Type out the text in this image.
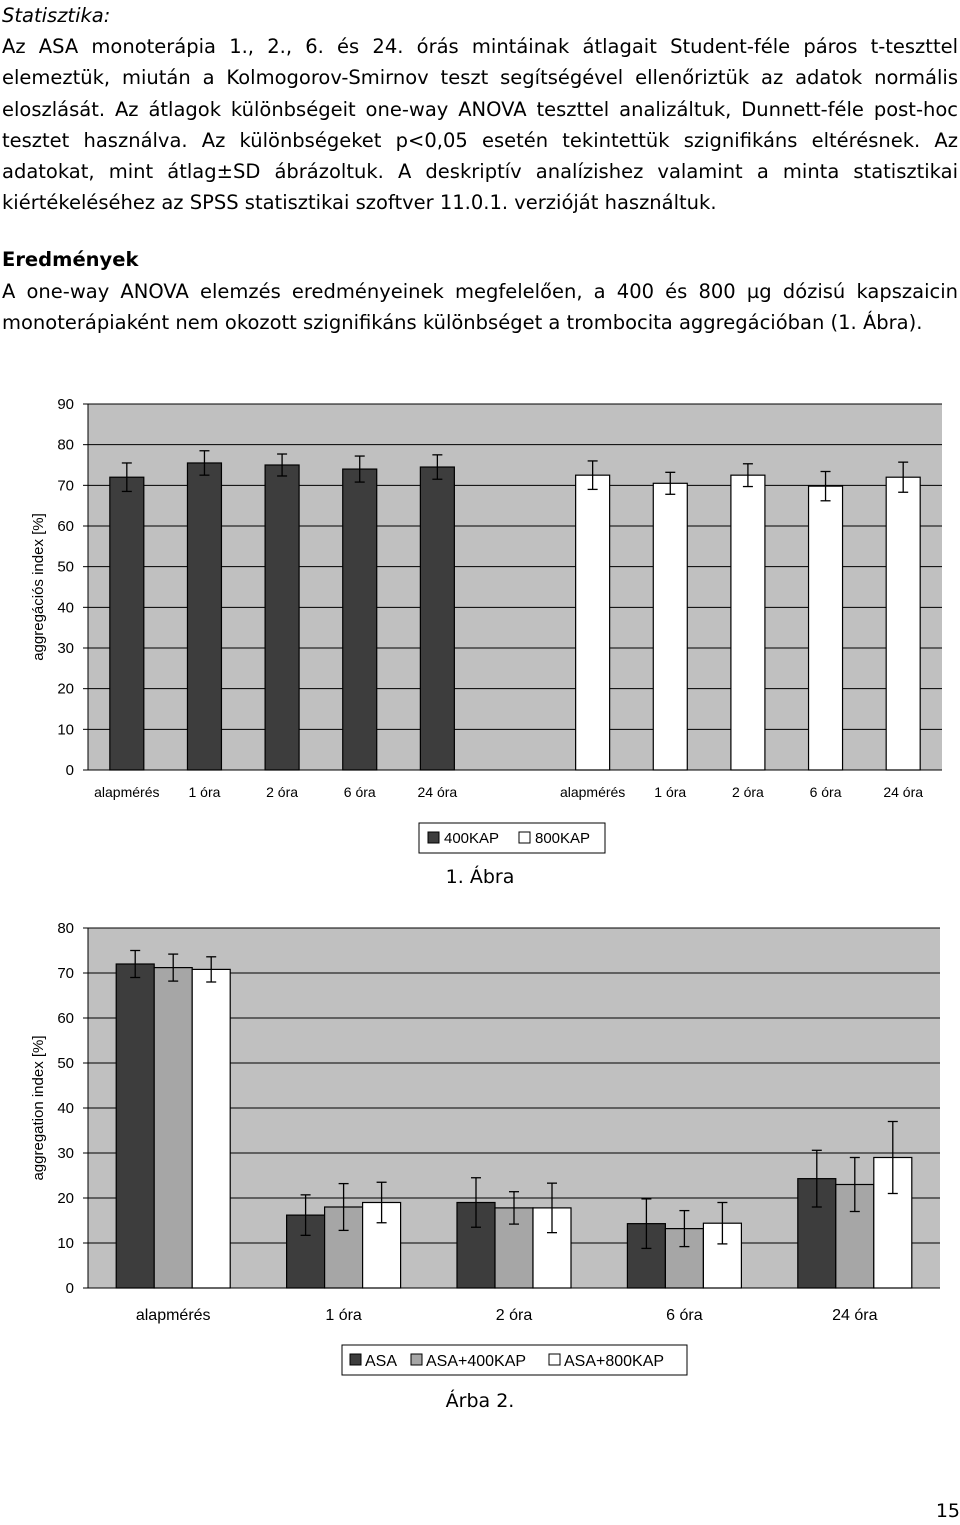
Statisztika:
Az ASA monoterápia 1., 2., 6. és 24. órás mintáinak átlagait Student-féle páros t-teszttel elemeztük, miután a Kolmogorov-Smirnov teszt segítségével ellenőriztük az adatok normális eloszlását. Az átlagok különbségeit one-way ANOVA teszttel analizáltuk, Dunnett-féle post-hoc tesztet használva. Az különbségeket p<0,05 esetén tekintettük szignifikáns eltérésnek. Az adatokat, mint átlag±SD ábrázoltuk. A deskriptív analízishez valamint a minta statisztikai kiértékeléséhez az SPSS statisztikai szoftver 11.0.1. verzióját használtuk.
Eredmények
A one-way ANOVA elemzés eredményeinek megfelelően, a 400 és 800 µg dózisú kapszaicin monoterápiaként nem okozott szignifikáns különbséget a trombocita aggregációban (1. Ábra).
0
10
20
30
40
50
60
70
80
90
aggregációs index [%]
alapmérés 1 óra	2 óra	6 óra	24 óra	alapmérés 1 óra	2 óra	6 óra	24 óra
400KAP 800KAP
0
10
20
30
40
50
60
70
80
aggregation index [%]
alapmérés	1 óra	2 óra	6 óra	24 óra
ASA ASA+400KAP ASA+800KAP
1. Ábra
Árba 2.
15
